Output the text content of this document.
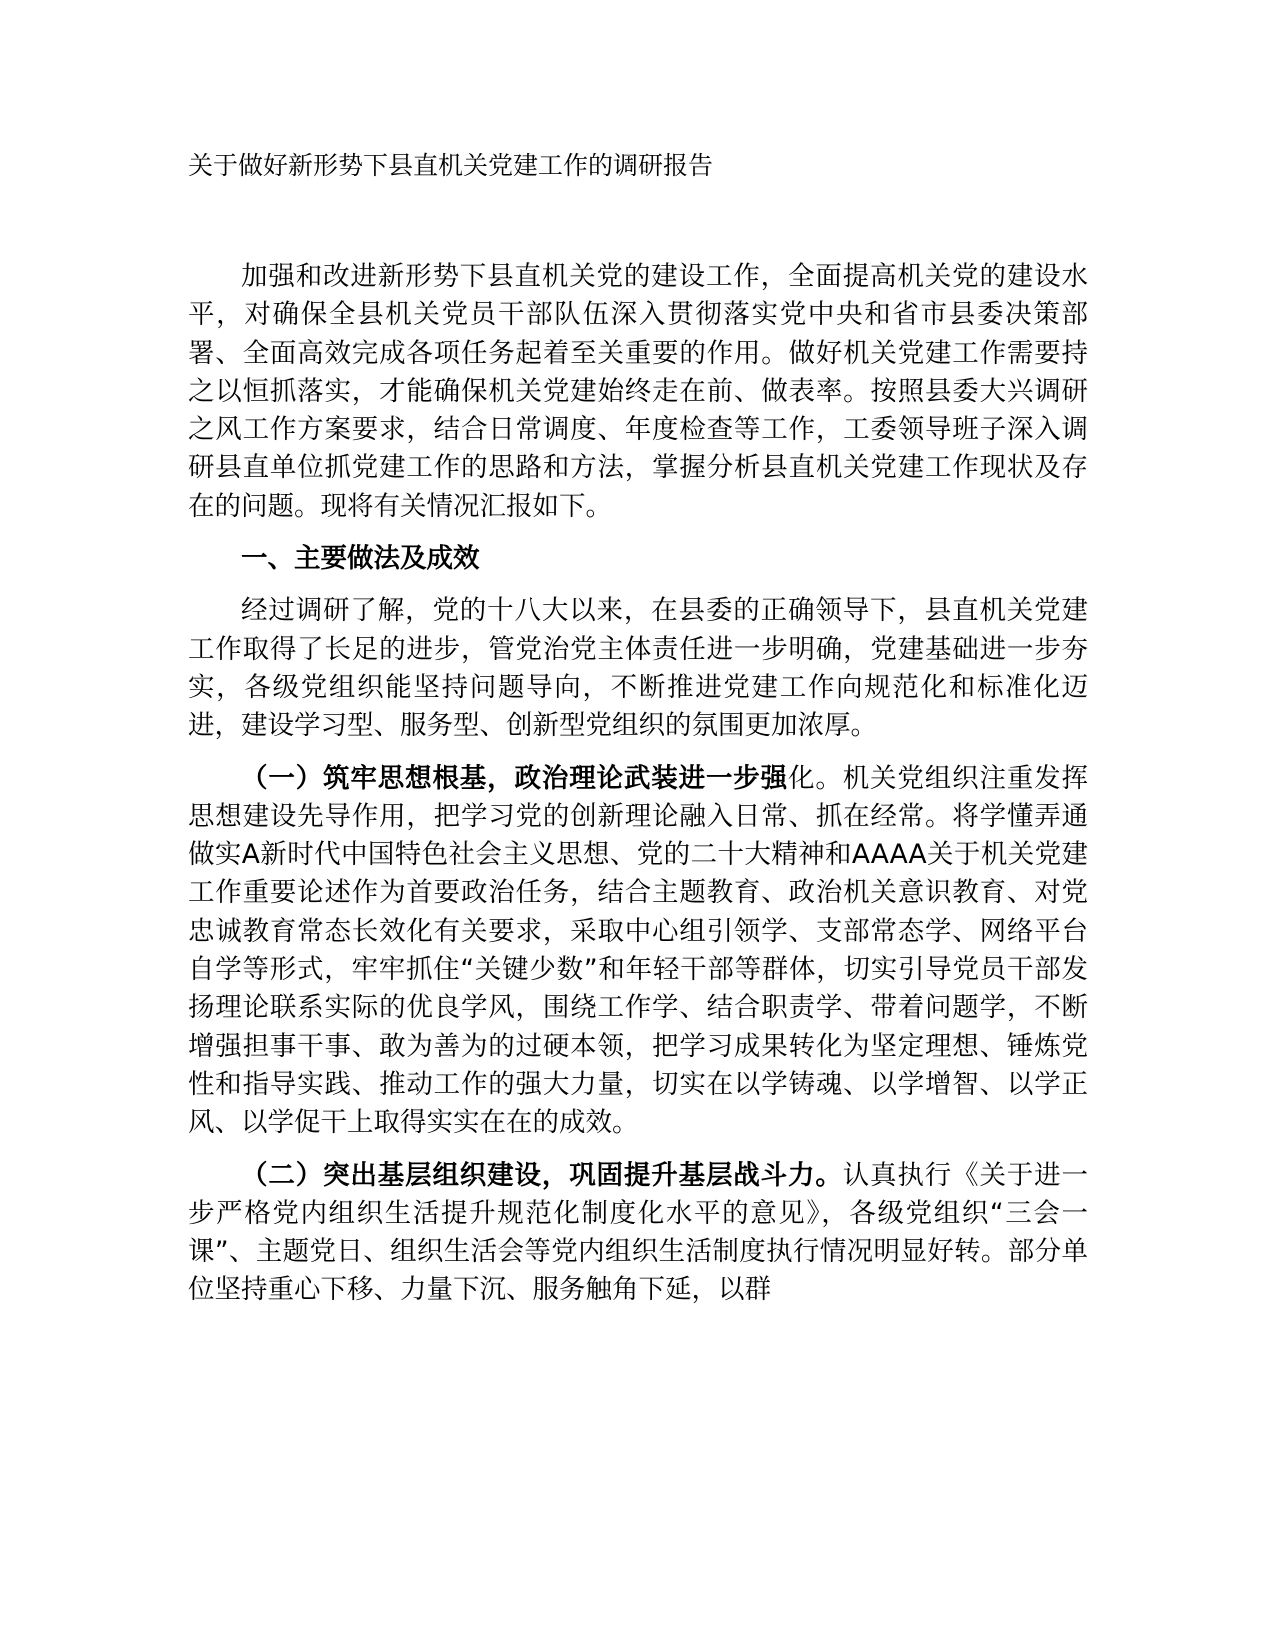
关于做好新形势下县直机关党建工作的调研报告

加强和改进新形势下县直机关党的建设工作，全面提高机关党的建设水平，对确保全县机关党员干部队伍深入贯彻落实党中央和省市县委决策部署、全面高效完成各项任务起着至关重要的作用。做好机关党建工作需要持之以恒抓落实，才能确保机关党建始终走在前、做表率。按照县委大兴调研之风工作方案要求，结合日常调度、年度检查等工作，工委领导班子深入调研县直单位抓党建工作的思路和方法，掌握分析县直机关党建工作现状及存在的问题。现将有关情况汇报如下。

一、主要做法及成效

经过调研了解，党的十八大以来，在县委的正确领导下，县直机关党建工作取得了长足的进步，管党治党主体责任进一步明确，党建基础进一步夯实，各级党组织能坚持问题导向，不断推进党建工作向规范化和标准化迈进，建设学习型、服务型、创新型党组织的氛围更加浓厚。

（一）筑牢思想根基，政治理论武装进一步强化。机关党组织注重发挥思想建设先导作用，把学习党的创新理论融入日常、抓在经常。将学懂弄通做实A新时代中国特色社会主义思想、党的二十大精神和AAAA关于机关党建工作重要论述作为首要政治任务，结合主题教育、政治机关意识教育、对党忠诚教育常态长效化有关要求，采取中心组引领学、支部常态学、网络平台自学等形式，牢牢抓住“关键少数”和年轻干部等群体，切实引导党员干部发扬理论联系实际的优良学风，围绕工作学、结合职责学、带着问题学，不断增强担事干事、敢为善为的过硬本领，把学习成果转化为坚定理想、锤炼党性和指导实践、推动工作的强大力量，切实在以学铸魂、以学增智、以学正风、以学促干上取得实实在在的成效。

（二）突出基层组织建设，巩固提升基层战斗力。认真执行《关于进一步严格党内组织生活提升规范化制度化水平的意见》，各级党组织“三会一课”、主题党日、组织生活会等党内组织生活制度执行情况明显好转。部分单位坚持重心下移、力量下沉、服务触角下延，以群
